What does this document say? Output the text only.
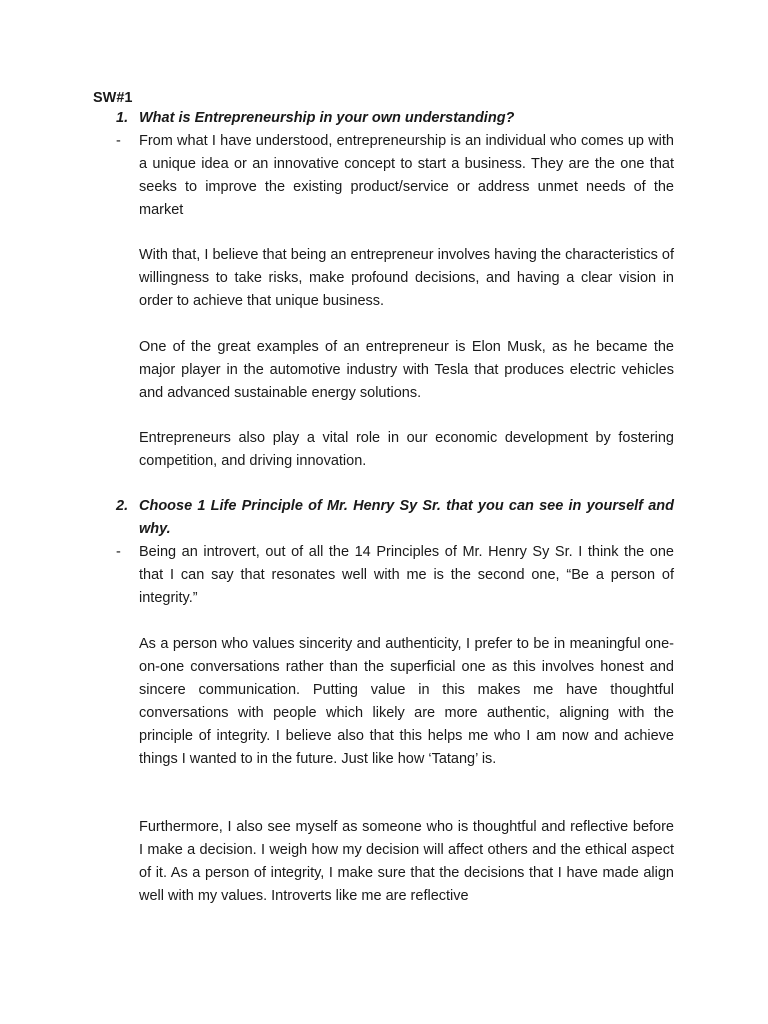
SW#1
1. What is Entrepreneurship in your own understanding?
- From what I have understood, entrepreneurship is an individual who comes up with a unique idea or an innovative concept to start a business. They are the one that seeks to improve the existing product/service or address unmet needs of the market

With that, I believe that being an entrepreneur involves having the characteristics of willingness to take risks, make profound decisions, and having a clear vision in order to achieve that unique business.

One of the great examples of an entrepreneur is Elon Musk, as he became the major player in the automotive industry with Tesla that produces electric vehicles and advanced sustainable energy solutions.

Entrepreneurs also play a vital role in our economic development by fostering competition, and driving innovation.

2. Choose 1 Life Principle of Mr. Henry Sy Sr. that you can see in yourself and why.
- Being an introvert, out of all the 14 Principles of Mr. Henry Sy Sr. I think the one that I can say that resonates well with me is the second one, “Be a person of integrity.”

As a person who values sincerity and authenticity, I prefer to be in meaningful one-on-one conversations rather than the superficial one as this involves honest and sincere communication. Putting value in this makes me have thoughtful conversations with people which likely are more authentic, aligning with the principle of integrity. I believe also that this helps me who I am now and achieve things I wanted to in the future. Just like how ‘Tatang’ is.

Furthermore, I also see myself as someone who is thoughtful and reflective before I make a decision. I weigh how my decision will affect others and the ethical aspect of it. As a person of integrity, I make sure that the decisions that I have made align well with my values. Introverts like me are reflective
